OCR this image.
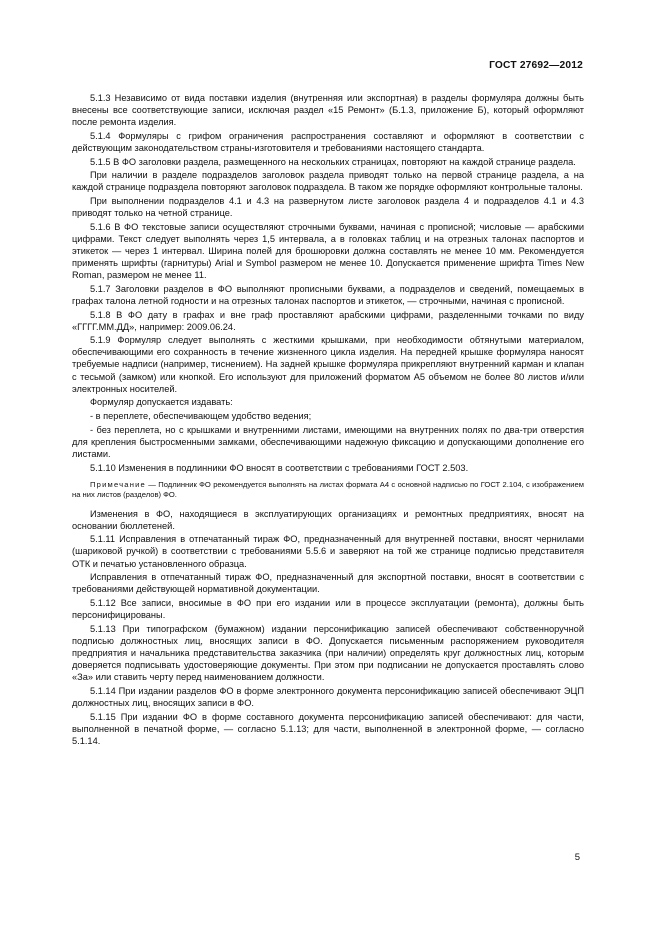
ГОСТ 27692—2012

5.1.3 Независимо от вида поставки изделия (внутренняя или экспортная) в разделы формуляра должны быть внесены все соответствующие записи, исключая раздел «15 Ремонт» (Б.1.3, приложение Б), который оформляют после ремонта изделия.

5.1.4 Формуляры с грифом ограничения распространения составляют и оформляют в соответствии с действующим законодательством страны-изготовителя и требованиями настоящего стандарта.

5.1.5 В ФО заголовки раздела, размещенного на нескольких страницах, повторяют на каждой странице раздела.

При наличии в разделе подразделов заголовок раздела приводят только на первой странице раздела, а на каждой странице подраздела повторяют заголовок подраздела. В таком же порядке оформляют контрольные талоны.

При выполнении подразделов 4.1 и 4.3 на развернутом листе заголовок раздела 4 и подразделов 4.1 и 4.3 приводят только на четной странице.

5.1.6 В ФО текстовые записи осуществляют строчными буквами, начиная с прописной; числовые — арабскими цифрами. Текст следует выполнять через 1,5 интервала, а в головках таблиц и на отрезных талонах паспортов и этикеток — через 1 интервал. Ширина полей для брошюровки должна составлять не менее 10 мм. Рекомендуется применять шрифты (гарнитуры) Arial и Symbol размером не менее 10. Допускается применение шрифта Times New Roman, размером не менее 11.

5.1.7 Заголовки разделов в ФО выполняют прописными буквами, а подразделов и сведений, помещаемых в графах талона летной годности и на отрезных талонах паспортов и этикеток, — строчными, начиная с прописной.

5.1.8 В ФО дату в графах и вне граф проставляют арабскими цифрами, разделенными точками по виду «ГГГГ.ММ.ДД», например: 2009.06.24.

5.1.9 Формуляр следует выполнять с жесткими крышками, при необходимости обтянутыми материалом, обеспечивающими его сохранность в течение жизненного цикла изделия. На передней крышке формуляра наносят требуемые надписи (например, тиснением). На задней крышке формуляра прикрепляют внутренний карман и клапан с тесьмой (замком) или кнопкой. Его используют для приложений форматом А5 объемом не более 80 листов и/или электронных носителей.

Формуляр допускается издавать:

- в переплете, обеспечивающем удобство ведения;

- без переплета, но с крышками и внутренними листами, имеющими на внутренних полях по два-три отверстия для крепления быстросменными замками, обеспечивающими надежную фиксацию и допускающими дополнение его листами.

5.1.10 Изменения в подлинники ФО вносят в соответствии с требованиями ГОСТ 2.503.

Примечание — Подлинник ФО рекомендуется выполнять на листах формата А4 с основной надписью по ГОСТ 2.104, с изображением на них листов (разделов) ФО.

Изменения в ФО, находящиеся в эксплуатирующих организациях и ремонтных предприятиях, вносят на основании бюллетеней.

5.1.11 Исправления в отпечатанный тираж ФО, предназначенный для внутренней поставки, вносят чернилами (шариковой ручкой) в соответствии с требованиями 5.5.6 и заверяют на той же странице подписью представителя ОТК и печатью установленного образца.

Исправления в отпечатанный тираж ФО, предназначенный для экспортной поставки, вносят в соответствии с требованиями действующей нормативной документации.

5.1.12 Все записи, вносимые в ФО при его издании или в процессе эксплуатации (ремонта), должны быть персонифицированы.

5.1.13 При типографском (бумажном) издании персонификацию записей обеспечивают собственноручной подписью должностных лиц, вносящих записи в ФО. Допускается письменным распоряжением руководителя предприятия и начальника представительства заказчика (при наличии) определять круг должностных лиц, которым доверяется подписывать удостоверяющие документы. При этом при подписании не допускается проставлять слово «За» или ставить черту перед наименованием должности.

5.1.14 При издании разделов ФО в форме электронного документа персонификацию записей обеспечивают ЭЦП должностных лиц, вносящих записи в ФО.

5.1.15 При издании ФО в форме составного документа персонификацию записей обеспечивают: для части, выполненной в печатной форме, — согласно 5.1.13; для части, выполненной в электронной форме, — согласно 5.1.14.

5
